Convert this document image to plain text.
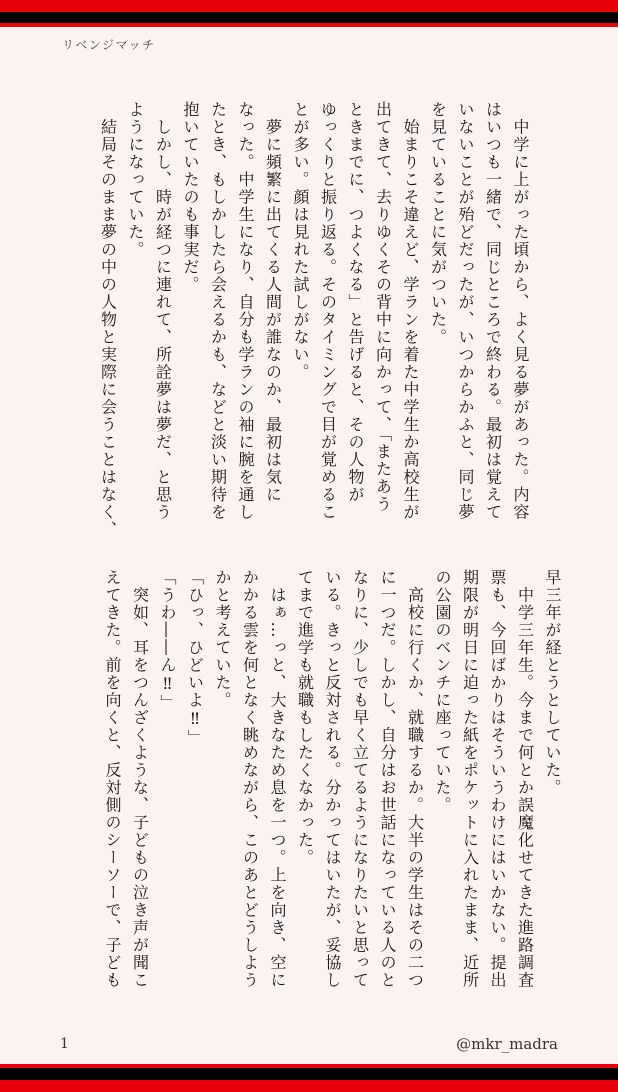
リベンジマッチ
　中学に上がった頃から、よく見る夢があった。内容
はいつも一緒で、同じところで終わる。最初は覚えて
いないことが殆どだったが、いつからかふと、同じ夢
を見ていることに気がついた。
　始まりこそ違えど、学ランを着た中学生か高校生が
出てきて、去りゆくその背中に向かって、「またあう
ときまでに、つよくなる」と告げると、その人物が
ゆっくりと振り返る。そのタイミングで目が覚めるこ
とが多い。顔は見れた試しがない。
　夢に頻繁に出てくる人間が誰なのか、最初は気に
なった。中学生になり、自分も学ランの袖に腕を通し
たとき、もしかしたら会えるかも、などと淡い期待を
抱いていたのも事実だ。
　しかし、時が経つに連れて、所詮夢は夢だ、と思う
ようになっていた。
　結局そのまま夢の中の人物と実際に会うことはなく、
早三年が経とうとしていた。
　中学三年生。今まで何とか誤魔化せてきた進路調査
票も、今回ばかりはそういうわけにはいかない。提出
期限が明日に迫った紙をポケットに入れたまま、近所
の公園のベンチに座っていた。
　高校に行くか、就職するか。大半の学生はその二つ
に一つだ。しかし、自分はお世話になっている人のと
なりに、少しでも早く立てるようになりたいと思って
いる。きっと反対される。分かってはいたが、妥協し
てまで進学も就職もしたくなかった。
　はぁ…っと、大きなため息を一つ。上を向き、空に
かかる雲を何となく眺めながら、このあとどうしよう
かと考えていた。
「ひっ、ひどいよ‼」
「うわ――ん‼」
　突如、耳をつんざくような、子どもの泣き声が聞こ
えてきた。前を向くと、反対側のシーソーで、子ども
1	@mkr_madra
